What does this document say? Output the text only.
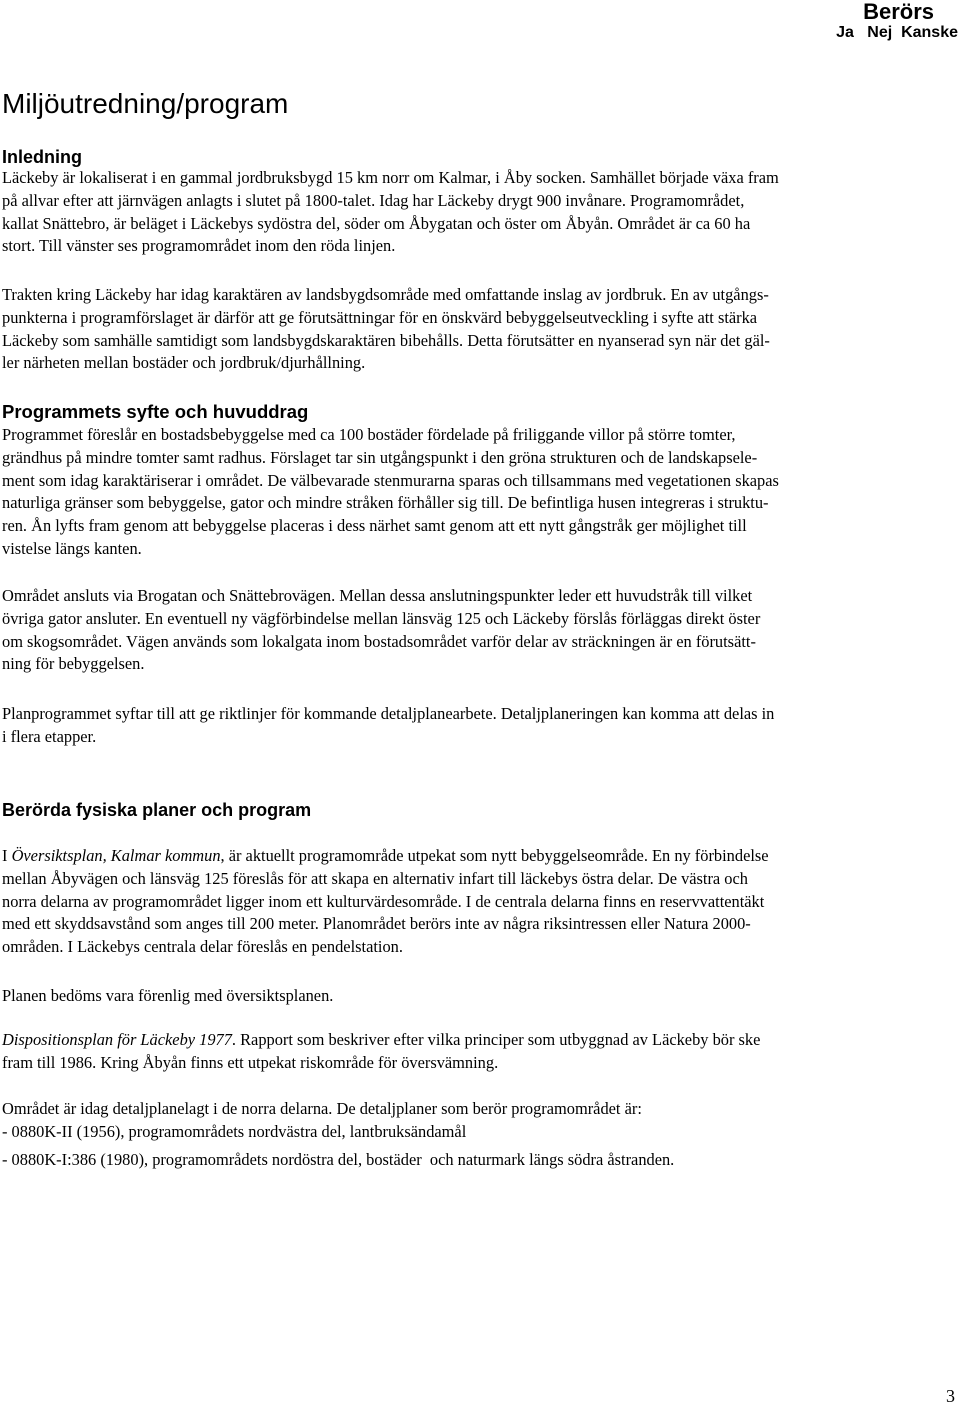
Berörs
Ja   Nej  Kanske
Miljöutredning/program
Inledning
Läckeby är lokaliserat i en gammal jordbruksbygd 15 km norr om Kalmar, i Åby socken. Samhället började växa fram
på allvar efter att järnvägen anlagts i slutet på 1800-talet. Idag har Läckeby drygt 900 invånare. Programområdet,
kallat Snättebro, är beläget i Läckebys sydöstra del, söder om Åbygatan och öster om Åbyån. Området är ca 60 ha
stort. Till vänster ses programområdet inom den röda linjen.
Trakten kring Läckeby har idag karaktären av landsbygdsområde med omfattande inslag av jordbruk. En av utgångs-
punkterna i programförslaget är därför att ge förutsättningar för en önskvärd bebyggelseutveckling i syfte att stärka
Läckeby som samhälle samtidigt som landsbygdskaraktären bibehålls. Detta förutsätter en nyanserad syn när det gäl-
ler närheten mellan bostäder och jordbruk/djurhållning.
Programmets syfte och huvuddrag
Programmet föreslår en bostadsbebyggelse med ca 100 bostäder fördelade på friliggande villor på större tomter,
grändhus på mindre tomter samt radhus. Förslaget tar sin utgångspunkt i den gröna strukturen och de landskapsele-
ment som idag karaktäriserar i området. De välbevarade stenmurarna sparas och tillsammans med vegetationen skapas
naturliga gränser som bebyggelse, gator och mindre stråken förhåller sig till. De befintliga husen integreras i struktu-
ren. Ån lyfts fram genom att bebyggelse placeras i dess närhet samt genom att ett nytt gångstråk ger möjlighet till
vistelse längs kanten.
Området ansluts via Brogatan och Snättebrovägen. Mellan dessa anslutningspunkter leder ett huvudstråk till vilket
övriga gator ansluter. En eventuell ny vägförbindelse mellan länsväg 125 och Läckeby förslås förläggas direkt öster
om skogsområdet. Vägen används som lokalgata inom bostadsområdet varför delar av sträckningen är en förutsätt-
ning för bebyggelsen.
Planprogrammet syftar till att ge riktlinjer för kommande detaljplanearbete. Detaljplaneringen kan komma att delas in
i flera etapper.
Berörda fysiska planer och program
I Översiktsplan, Kalmar kommun, är aktuellt programområde utpekat som nytt bebyggelseområde. En ny förbindelse
mellan Åbyvägen och länsväg 125 föreslås för att skapa en alternativ infart till läckebys östra delar. De västra och
norra delarna av programområdet ligger inom ett kulturvärdesområde. I de centrala delarna finns en reservvattentäkt
med ett skyddsavstånd som anges till 200 meter. Planområdet berörs inte av några riksintressen eller Natura 2000-
områden. I Läckebys centrala delar föreslås en pendelstation.
Planen bedöms vara förenlig med översiktsplanen.
Dispositionsplan för Läckeby 1977. Rapport som beskriver efter vilka principer som utbyggnad av Läckeby bör ske
fram till 1986. Kring Åbyån finns ett utpekat riskområde för översvämning.
Området är idag detaljplanelagt i de norra delarna. De detaljplaner som berör programområdet är:
- 0880K-II (1956), programområdets nordvästra del, lantbruksändamål
- 0880K-I:386 (1980), programområdets nordöstra del, bostäder  och naturmark längs södra åstranden.
3
